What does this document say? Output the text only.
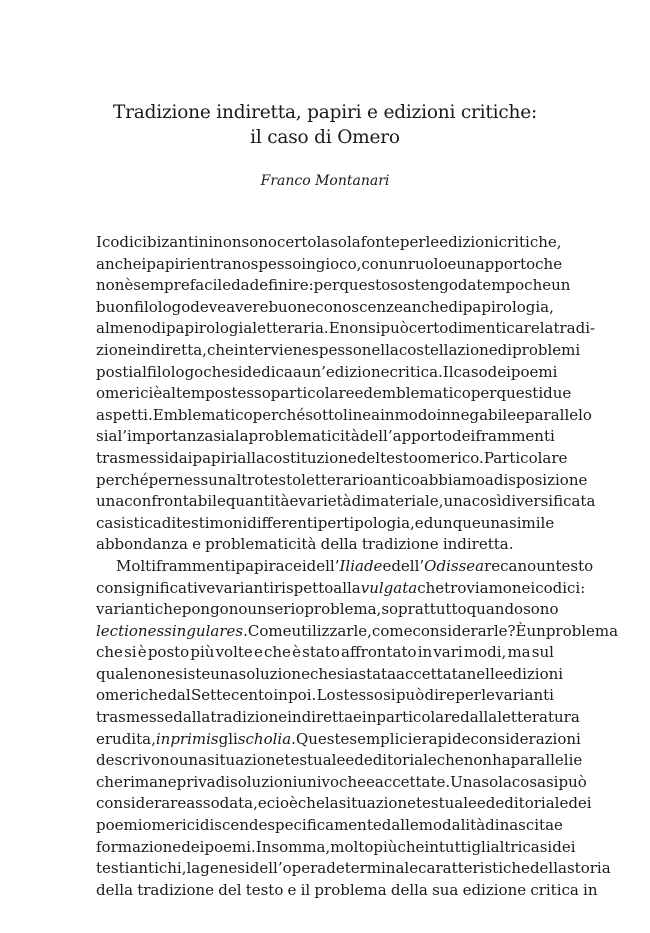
Tradizione indiretta, papiri e edizioni critiche:
il caso di Omero
Franco Montanari
I codici bizantini non sono certo la sola fonte per le edizioni critiche,
anche i papiri entrano spesso in gioco, con un ruolo e un apporto che
non è sempre facile da definire: per questo sostengo da tempo che un
buon filologo deve avere buone conoscenze anche di papirologia,
almeno di papirologia letteraria. E non si può certo dimenticare la tradi-
zione indiretta, che interviene spesso nella costellazione di problemi
posti al filologo che si dedica a un’edizione critica. Il caso dei poemi
omerici è al tempo stesso particolare ed emblematico per questi due
aspetti. Emblematico perché sottolinea in modo innegabile e parallelo
sia l’importanza sia la problematicità dell’apporto dei frammenti
trasmessi dai papiri alla costituzione del testo omerico. Particolare
perché per nessun altro testo letterario antico abbiamo a disposizione
una confrontabile quantità e varietà di materiale, una così diversificata
casistica di testimoni differenti per tipologia, e dunque una simile
abbondanza e problematicità della tradizione indiretta.
Molti frammenti papiracei dell’Iliade e dell’Odissea recano un testo
con significative varianti rispetto alla vulgata che troviamo nei codici:
varianti che pongono un serio problema, soprattutto quando sono
lectiones singulares. Come utilizzarle, come considerarle? È un problema
che si è posto più volte e che è stato affrontato in vari modi, ma sul
quale non esiste una soluzione che sia stata accettata nelle edizioni
omeriche dal Settecento in poi. Lo stesso si può dire per le varianti
trasmesse dalla tradizione indiretta e in particolare dalla letteratura
erudita, in primis gli scholia. Queste semplici e rapide considerazioni
descrivono una situazione testuale ed editoriale che non ha paralleli e
che rimane priva di soluzioni univoche e accettate. Una sola cosa si può
considerare assodata, e cioè che la situazione testuale ed editoriale dei
poemi omerici discende specificamente dalle modalità di nascita e
formazione dei poemi. Insomma, molto più che in tutti gli altri casi dei
testi antichi, la genesi dell’opera determina le caratteristiche della storia
della tradizione del testo e il problema della sua edizione critica in
